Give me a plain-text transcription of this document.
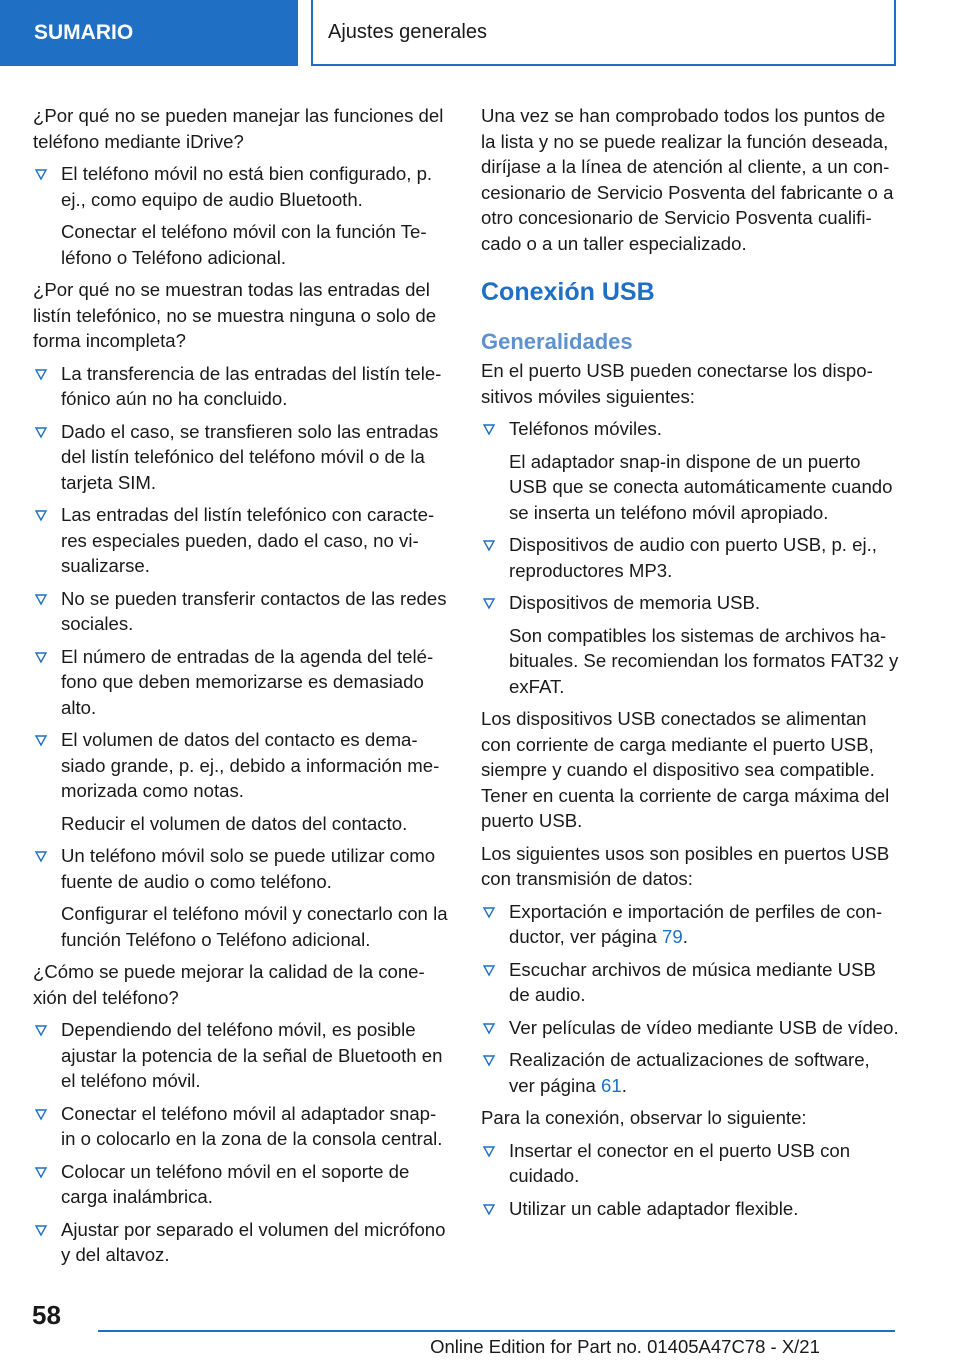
SUMARIO	Ajustes generales

¿Por qué no se pueden manejar las funciones del teléfono mediante iDrive?

El teléfono móvil no está bien configurado, p. ej., como equipo de audio Bluetooth.

Conectar el teléfono móvil con la función Teléfono o Teléfono adicional.

¿Por qué no se muestran todas las entradas del listín telefónico, no se muestra ninguna o solo de forma incompleta?

La transferencia de las entradas del listín telefónico aún no ha concluido.
Dado el caso, se transfieren solo las entradas del listín telefónico del teléfono móvil o de la tarjeta SIM.
Las entradas del listín telefónico con caracteres especiales pueden, dado el caso, no visualizarse.
No se pueden transferir contactos de las redes sociales.
El número de entradas de la agenda del teléfono que deben memorizarse es demasiado alto.
El volumen de datos del contacto es demasiado grande, p. ej., debido a información memorizada como notas.

Reducir el volumen de datos del contacto.

Un teléfono móvil solo se puede utilizar como fuente de audio o como teléfono.

Configurar el teléfono móvil y conectarlo con la función Teléfono o Teléfono adicional.

¿Cómo se puede mejorar la calidad de la conexión del teléfono?

Dependiendo del teléfono móvil, es posible ajustar la potencia de la señal de Bluetooth en el teléfono móvil.
Conectar el teléfono móvil al adaptador snap-in o colocarlo en la zona de la consola central.
Colocar un teléfono móvil en el soporte de carga inalámbrica.
Ajustar por separado el volumen del micrófono y del altavoz.

Una vez se han comprobado todos los puntos de la lista y no se puede realizar la función deseada, diríjase a la línea de atención al cliente, a un concesionario de Servicio Posventa del fabricante o a otro concesionario de Servicio Posventa cualificado o a un taller especializado.

Conexión USB
Generalidades

En el puerto USB pueden conectarse los dispositivos móviles siguientes:

Teléfonos móviles.

El adaptador snap-in dispone de un puerto USB que se conecta automáticamente cuando se inserta un teléfono móvil apropiado.

Dispositivos de audio con puerto USB, p. ej., reproductores MP3.
Dispositivos de memoria USB.

Son compatibles los sistemas de archivos habituales. Se recomiendan los formatos FAT32 y exFAT.

Los dispositivos USB conectados se alimentan con corriente de carga mediante el puerto USB, siempre y cuando el dispositivo sea compatible. Tener en cuenta la corriente de carga máxima del puerto USB.

Los siguientes usos son posibles en puertos USB con transmisión de datos:

Exportación e importación de perfiles de conductor, ver página 79.
Escuchar archivos de música mediante USB de audio.
Ver películas de vídeo mediante USB de vídeo.
Realización de actualizaciones de software, ver página 61.

Para la conexión, observar lo siguiente:

Insertar el conector en el puerto USB con cuidado.
Utilizar un cable adaptador flexible.
58
Online Edition for Part no. 01405A47C78 - X/21
